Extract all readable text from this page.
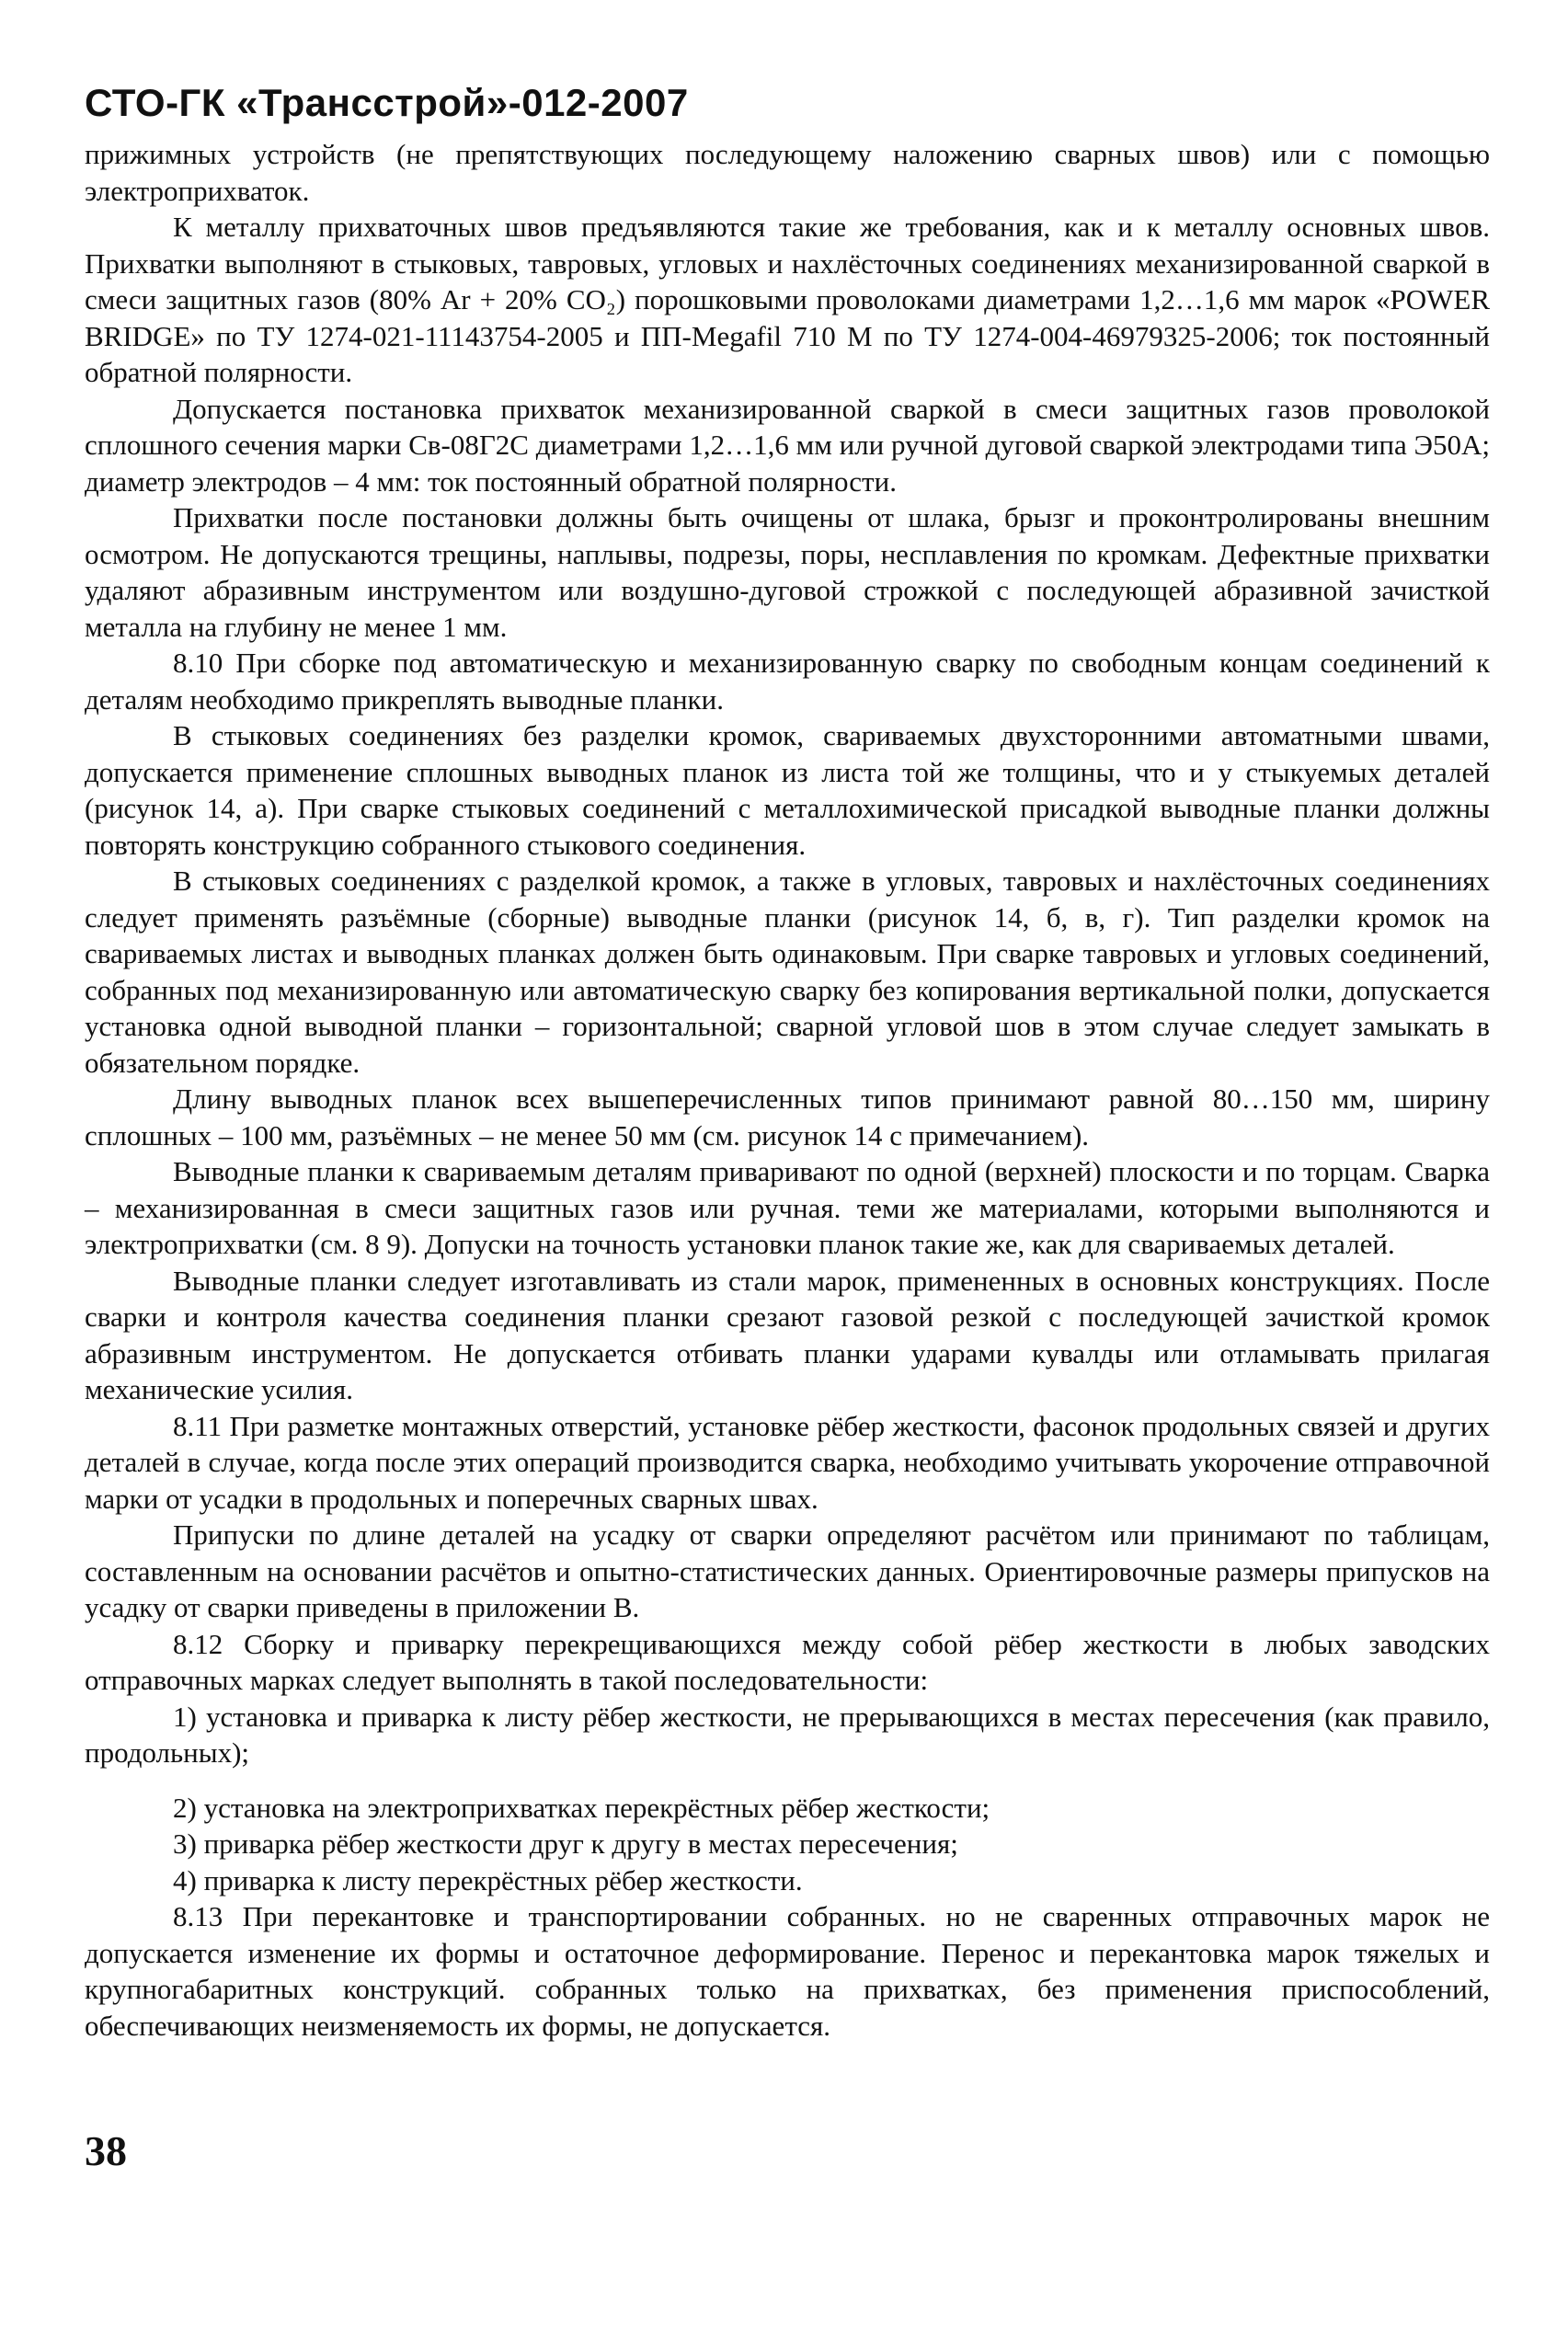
СТО-ГК «Трансстрой»-012-2007

прижимных устройств (не препятствующих последующему наложению сварных швов) или с помощью электроприхваток.

К металлу прихваточных швов предъявляются такие же требования, как и к металлу основных швов. Прихватки выполняют в стыковых, тавровых, угловых и нахлёсточных соединениях механизированной сваркой в смеси защитных газов (80% Ar + 20% CO₂) порошковыми проволоками диаметрами 1,2…1,6 мм марок «POWER BRIDGE» по ТУ 1274-021-11143754-2005 и ПП-Megafil 710 M по ТУ 1274-004-46979325-2006; ток постоянный обратной полярности.

Допускается постановка прихваток механизированной сваркой в смеси защитных газов проволокой сплошного сечения марки Св-08Г2С диаметрами 1,2…1,6 мм или ручной дуговой сваркой электродами типа Э50А; диаметр электродов – 4 мм: ток постоянный обратной полярности.

Прихватки после постановки должны быть очищены от шлака, брызг и проконтролированы внешним осмотром. Не допускаются трещины, наплывы, подрезы, поры, несплавления по кромкам. Дефектные прихватки удаляют абразивным инструментом или воздушно-дуговой строжкой с последующей абразивной зачисткой металла на глубину не менее 1 мм.

8.10 При сборке под автоматическую и механизированную сварку по свободным концам соединений к деталям необходимо прикреплять выводные планки.

В стыковых соединениях без разделки кромок, свариваемых двухсторонними автоматными швами, допускается применение сплошных выводных планок из листа той же толщины, что и у стыкуемых деталей (рисунок 14, а). При сварке стыковых соединений с металлохимической присадкой выводные планки должны повторять конструкцию собранного стыкового соединения.

В стыковых соединениях с разделкой кромок, а также в угловых, тавровых и нахлёсточных соединениях следует применять разъёмные (сборные) выводные планки (рисунок 14, б, в, г). Тип разделки кромок на свариваемых листах и выводных планках должен быть одинаковым. При сварке тавровых и угловых соединений, собранных под механизированную или автоматическую сварку без копирования вертикальной полки, допускается установка одной выводной планки – горизонтальной; сварной угловой шов в этом случае следует замыкать в обязательном порядке.

Длину выводных планок всех вышеперечисленных типов принимают равной 80…150 мм, ширину сплошных – 100 мм, разъёмных – не менее 50 мм (см. рисунок 14 с примечанием).

Выводные планки к свариваемым деталям приваривают по одной (верхней) плоскости и по торцам. Сварка – механизированная в смеси защитных газов или ручная. теми же материалами, которыми выполняются и электроприхватки (см. 8 9). Допуски на точность установки планок такие же, как для свариваемых деталей.

Выводные планки следует изготавливать из стали марок, примененных в основных конструкциях. После сварки и контроля качества соединения планки срезают газовой резкой с последующей зачисткой кромок абразивным инструментом. Не допускается отбивать планки ударами кувалды или отламывать прилагая механические усилия.

8.11 При разметке монтажных отверстий, установке рёбер жесткости, фасонок продольных связей и других деталей в случае, когда после этих операций производится сварка, необходимо учитывать укорочение отправочной марки от усадки в продольных и поперечных сварных швах.

Припуски по длине деталей на усадку от сварки определяют расчётом или принимают по таблицам, составленным на основании расчётов и опытно-статистических данных. Ориентировочные размеры припусков на усадку от сварки приведены в приложении В.

8.12 Сборку и приварку перекрещивающихся между собой рёбер жесткости в любых заводских отправочных марках следует выполнять в такой последовательности:

1) установка и приварка к листу рёбер жесткости, не прерывающихся в местах пересечения (как правило, продольных);

2) установка на электроприхватках перекрёстных рёбер жесткости;

3) приварка рёбер жесткости друг к другу в местах пересечения;

4) приварка к листу перекрёстных рёбер жесткости.

8.13 При перекантовке и транспортировании собранных. но не сваренных отправочных марок не допускается изменение их формы и остаточное деформирование. Перенос и перекантовка марок тяжелых и крупногабаритных конструкций. собранных только на прихватках, без применения приспособлений, обеспечивающих неизменяемость их формы, не допускается.

38
